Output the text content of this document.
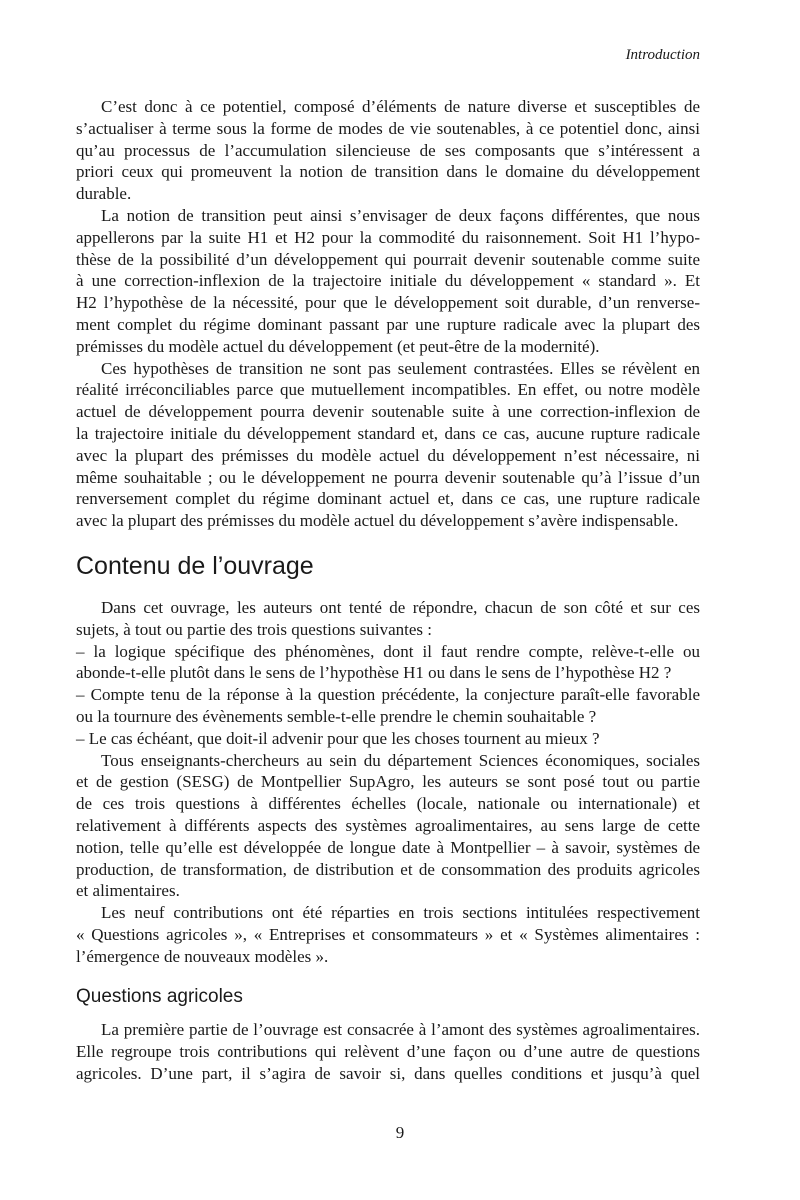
Introduction
C’est donc à ce potentiel, composé d’éléments de nature diverse et susceptibles de
s’actualiser à terme sous la forme de modes de vie soutenables, à ce potentiel donc, ainsi
qu’au processus de l’accumulation silencieuse de ses composants que s’intéressent a
priori ceux qui promeuvent la notion de transition dans le domaine du développement
durable.
La notion de transition peut ainsi s’envisager de deux façons différentes, que nous
appellerons par la suite H1 et H2 pour la commodité du raisonnement. Soit H1 l’hypo-
thèse de la possibilité d’un développement qui pourrait devenir soutenable comme suite
à une correction-inflexion de la trajectoire initiale du développement « standard ». Et
H2 l’hypothèse de la nécessité, pour que le développement soit durable, d’un renverse-
ment complet du régime dominant passant par une rupture radicale avec la plupart des
prémisses du modèle actuel du développement (et peut-être de la modernité).
Ces hypothèses de transition ne sont pas seulement contrastées. Elles se révèlent en
réalité irréconciliables parce que mutuellement incompatibles. En effet, ou notre modèle
actuel de développement pourra devenir soutenable suite à une correction-inflexion de
la trajectoire initiale du développement standard et, dans ce cas, aucune rupture radicale
avec la plupart des prémisses du modèle actuel du développement n’est nécessaire, ni
même souhaitable ; ou le développement ne pourra devenir soutenable qu’à l’issue d’un
renversement complet du régime dominant actuel et, dans ce cas, une rupture radicale
avec la plupart des prémisses du modèle actuel du développement s’avère indispensable.
Contenu de l’ouvrage
Dans cet ouvrage, les auteurs ont tenté de répondre, chacun de son côté et sur ces
sujets, à tout ou partie des trois questions suivantes :
– la logique spécifique des phénomènes, dont il faut rendre compte, relève-t-elle ou
abonde-t-elle plutôt dans le sens de l’hypothèse H1 ou dans le sens de l’hypothèse H2 ?
– Compte tenu de la réponse à la question précédente, la conjecture paraît-elle favorable
ou la tournure des évènements semble-t-elle prendre le chemin souhaitable ?
– Le cas échéant, que doit-il advenir pour que les choses tournent au mieux ?
Tous enseignants-chercheurs au sein du département Sciences économiques, sociales
et de gestion (SESG) de Montpellier SupAgro, les auteurs se sont posé tout ou partie
de ces trois questions à différentes échelles (locale, nationale ou internationale) et
relativement à différents aspects des systèmes agroalimentaires, au sens large de cette
notion, telle qu’elle est développée de longue date à Montpellier – à savoir, systèmes de
production, de transformation, de distribution et de consommation des produits agricoles
et alimentaires.
Les neuf contributions ont été réparties en trois sections intitulées respectivement
« Questions agricoles », « Entreprises et consommateurs » et « Systèmes alimentaires :
l’émergence de nouveaux modèles ».
Questions agricoles
La première partie de l’ouvrage est consacrée à l’amont des systèmes agroalimentaires.
Elle regroupe trois contributions qui relèvent d’une façon ou d’une autre de questions
agricoles. D’une part, il s’agira de savoir si, dans quelles conditions et jusqu’à quel
9
